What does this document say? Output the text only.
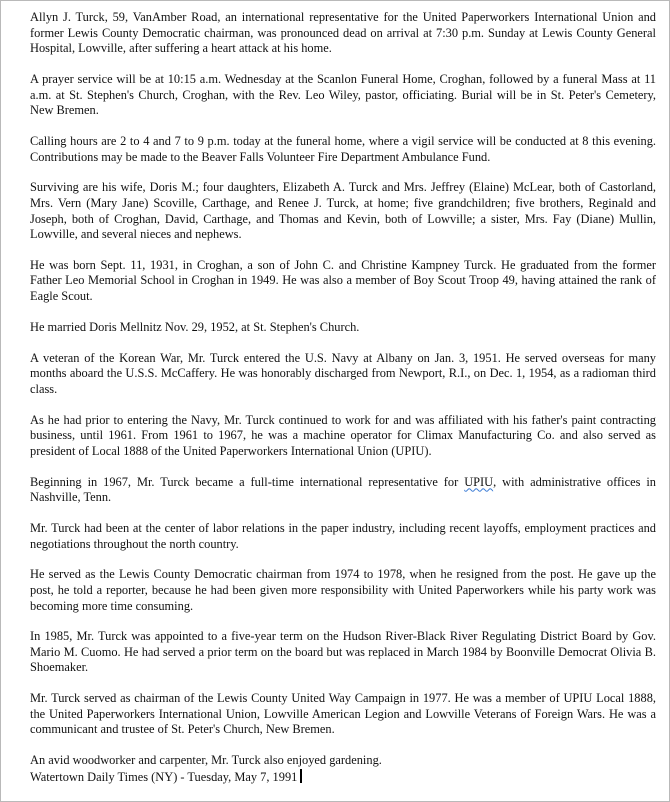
Allyn J. Turck, 59, VanAmber Road, an international representative for the United Paperworkers International Union and former Lewis County Democratic chairman, was pronounced dead on arrival at 7:30 p.m. Sunday at Lewis County General Hospital, Lowville, after suffering a heart attack at his home.

A prayer service will be at 10:15 a.m. Wednesday at the Scanlon Funeral Home, Croghan, followed by a funeral Mass at 11 a.m. at St. Stephen's Church, Croghan, with the Rev. Leo Wiley, pastor, officiating. Burial will be in St. Peter's Cemetery, New Bremen.

Calling hours are 2 to 4 and 7 to 9 p.m. today at the funeral home, where a vigil service will be conducted at 8 this evening. Contributions may be made to the Beaver Falls Volunteer Fire Department Ambulance Fund.

Surviving are his wife, Doris M.; four daughters, Elizabeth A. Turck and Mrs. Jeffrey (Elaine) McLear, both of Castorland, Mrs. Vern (Mary Jane) Scoville, Carthage, and Renee J. Turck, at home; five grandchildren; five brothers, Reginald and Joseph, both of Croghan, David, Carthage, and Thomas and Kevin, both of Lowville; a sister, Mrs. Fay (Diane) Mullin, Lowville, and several nieces and nephews.

He was born Sept. 11, 1931, in Croghan, a son of John C. and Christine Kampney Turck. He graduated from the former Father Leo Memorial School in Croghan in 1949. He was also a member of Boy Scout Troop 49, having attained the rank of Eagle Scout.

He married Doris Mellnitz Nov. 29, 1952, at St. Stephen's Church.

A veteran of the Korean War, Mr. Turck entered the U.S. Navy at Albany on Jan. 3, 1951. He served overseas for many months aboard the U.S.S. McCaffery. He was honorably discharged from Newport, R.I., on Dec. 1, 1954, as a radioman third class.

As he had prior to entering the Navy, Mr. Turck continued to work for and was affiliated with his father's paint contracting business, until 1961. From 1961 to 1967, he was a machine operator for Climax Manufacturing Co. and also served as president of Local 1888 of the United Paperworkers International Union (UPIU).

Beginning in 1967, Mr. Turck became a full-time international representative for UPIU, with administrative offices in Nashville, Tenn.

Mr. Turck had been at the center of labor relations in the paper industry, including recent layoffs, employment practices and negotiations throughout the north country.

He served as the Lewis County Democratic chairman from 1974 to 1978, when he resigned from the post. He gave up the post, he told a reporter, because he had been given more responsibility with United Paperworkers while his party work was becoming more time consuming.

In 1985, Mr. Turck was appointed to a five-year term on the Hudson River-Black River Regulating District Board by Gov. Mario M. Cuomo. He had served a prior term on the board but was replaced in March 1984 by Boonville Democrat Olivia B. Shoemaker.

Mr. Turck served as chairman of the Lewis County United Way Campaign in 1977. He was a member of UPIU Local 1888, the United Paperworkers International Union, Lowville American Legion and Lowville Veterans of Foreign Wars. He was a communicant and trustee of St. Peter's Church, New Bremen.

An avid woodworker and carpenter, Mr. Turck also enjoyed gardening.

Watertown Daily Times (NY) - Tuesday, May 7, 1991
